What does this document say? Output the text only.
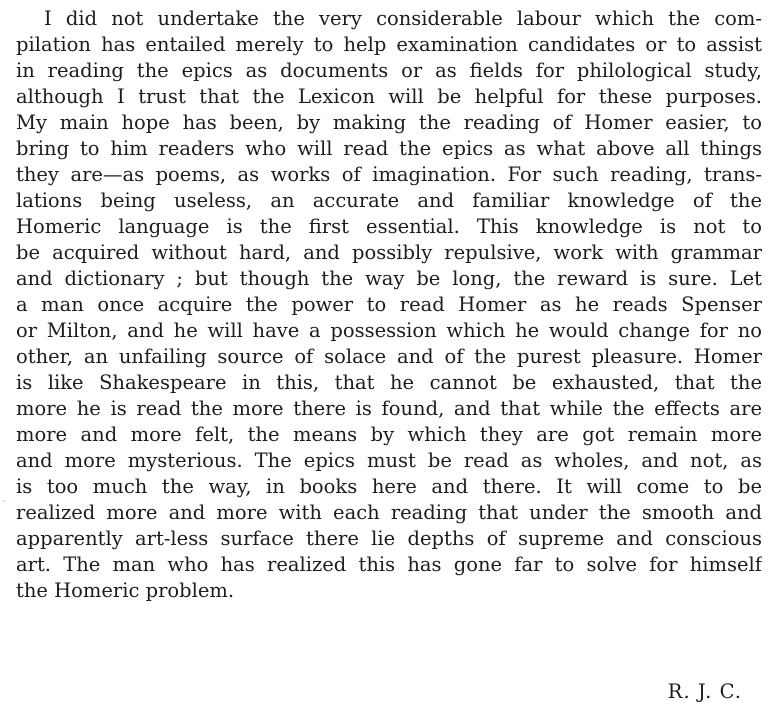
I did not undertake the very considerable labour which the com-
pilation has entailed merely to help examination candidates or to assist
in reading the epics as documents or as fields for philological study,
although I trust that the Lexicon will be helpful for these purposes.
My main hope has been, by making the reading of Homer easier, to
bring to him readers who will read the epics as what above all things
they are—as poems, as works of imagination. For such reading, trans-
lations being useless, an accurate and familiar knowledge of the
Homeric language is the first essential. This knowledge is not to
be acquired without hard, and possibly repulsive, work with grammar
and dictionary ; but though the way be long, the reward is sure. Let
a man once acquire the power to read Homer as he reads Spenser
or Milton, and he will have a possession which he would change for no
other, an unfailing source of solace and of the purest pleasure. Homer
is like Shakespeare in this, that he cannot be exhausted, that the
more he is read the more there is found, and that while the effects are
more and more felt, the means by which they are got remain more
and more mysterious. The epics must be read as wholes, and not, as
is too much the way, in books here and there. It will come to be
realized more and more with each reading that under the smooth and
apparently art-less surface there lie depths of supreme and conscious
art. The man who has realized this has gone far to solve for himself
the Homeric problem.
R. J. C.
